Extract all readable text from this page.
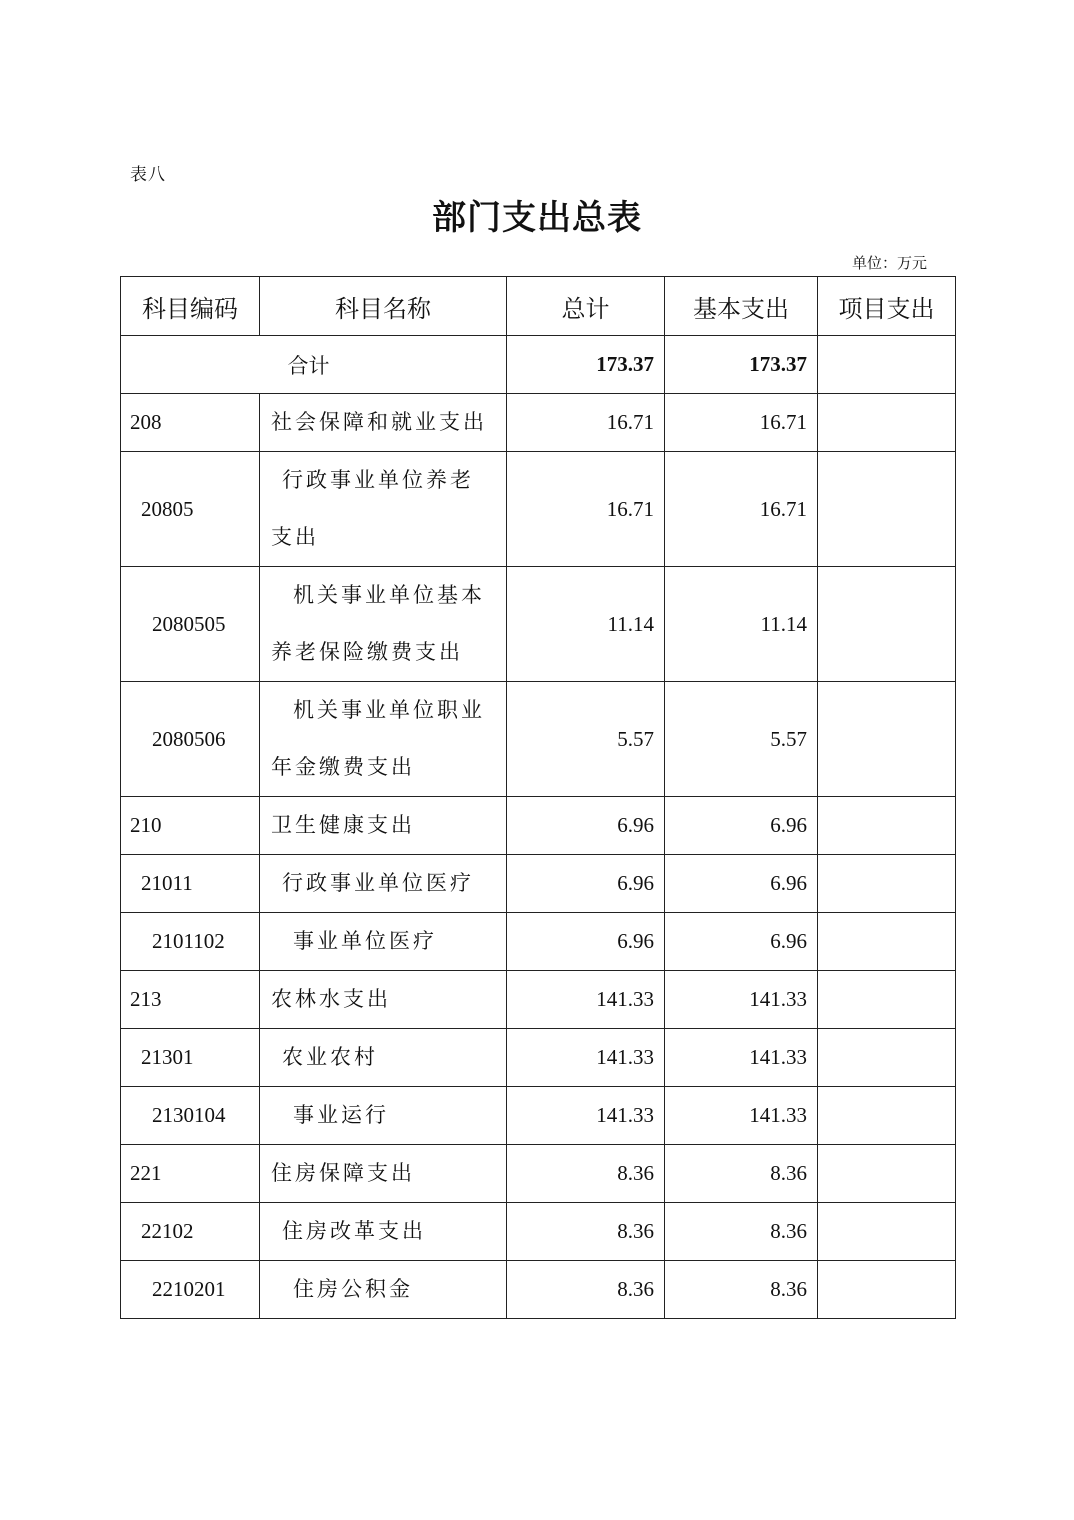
表八
部门支出总表
单位：万元
科目编码	科目名称	总计	基本支出	项目支出
合计		173.37	173.37	
208	社会保障和就业支出	16.71	16.71	
20805	行政事业单位养老支出	16.71	16.71	
2080505	机关事业单位基本养老保险缴费支出	11.14	11.14	
2080506	机关事业单位职业年金缴费支出	5.57	5.57	
210	卫生健康支出	6.96	6.96	
21011	行政事业单位医疗	6.96	6.96	
2101102	事业单位医疗	6.96	6.96	
213	农林水支出	141.33	141.33	
21301	农业农村	141.33	141.33	
2130104	事业运行	141.33	141.33	
221	住房保障支出	8.36	8.36	
22102	住房改革支出	8.36	8.36	
2210201	住房公积金	8.36	8.36	
